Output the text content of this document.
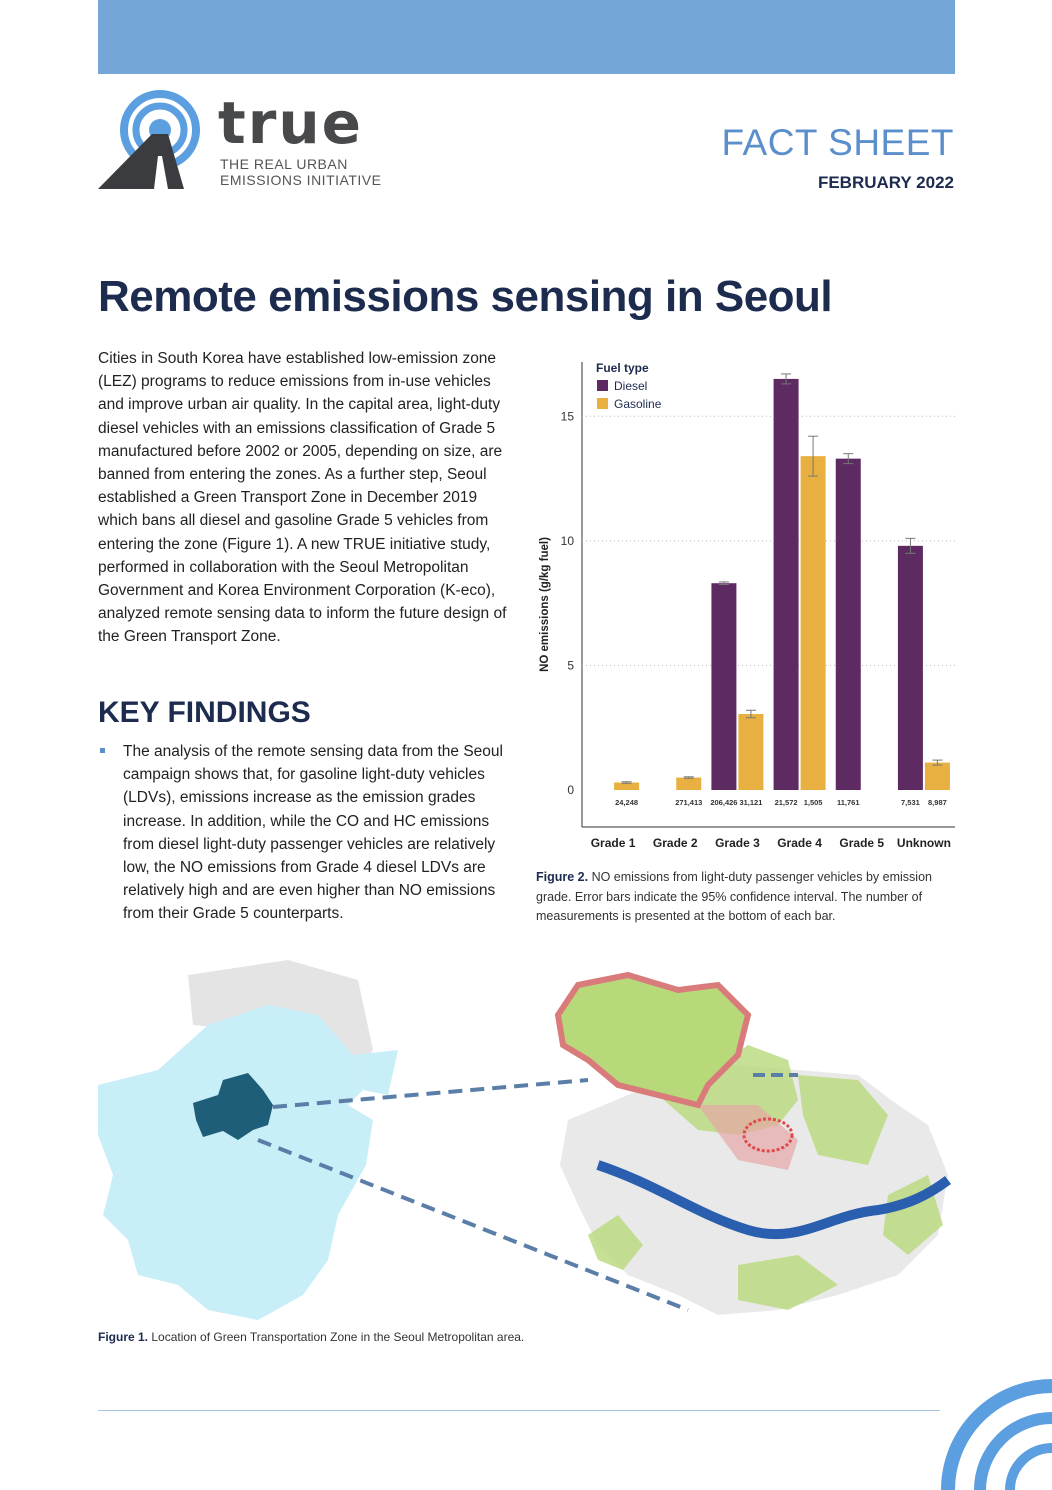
true
THE REAL URBAN
EMISSIONS INITIATIVE
FACT SHEET
FEBRUARY 2022
Remote emissions sensing in Seoul

Cities in South Korea have established low-emission zone (LEZ) programs to reduce emissions from in-use vehicles and improve urban air quality. In the capital area, light-duty diesel vehicles with an emissions classification of Grade 5 manufactured before 2002 or 2005, depending on size, are banned from entering the zones. As a further step, Seoul established a Green Transport Zone in December 2019 which bans all diesel and gasoline Grade 5 vehicles from entering the zone (Figure 1). A new TRUE initiative study, performed in collaboration with the Seoul Metropolitan Government and Korea Environment Corporation (K-eco), analyzed remote sensing data to inform the future design of the Green Transport Zone.

KEY FINDINGS
The analysis of the remote sensing data from the Seoul campaign shows that, for gasoline light-duty vehicles (LDVs), emissions increase as the emission grades increase. In addition, while the CO and HC emissions from diesel light-duty passenger vehicles are relatively low, the NO emissions from Grade 4 diesel LDVs are relatively high and are even higher than NO emissions from their Grade 5 counterparts.
0
5
10
15
NO emissions (g/kg fuel)
24,248
Grade 1
271,413
Grade 2
206,426 31,121
Grade 3
21,572 1,505
Grade 4
11,761
Grade 5
7,531 8,987
Unknown
Fuel type
Diesel
Gasoline

Figure 2. NO emissions from light-duty passenger vehicles by emission grade. Error bars indicate the 95% confidence interval. The number of measurements is presented at the bottom of each bar.

Figure 1. Location of Green Transportation Zone in the Seoul Metropolitan area.
